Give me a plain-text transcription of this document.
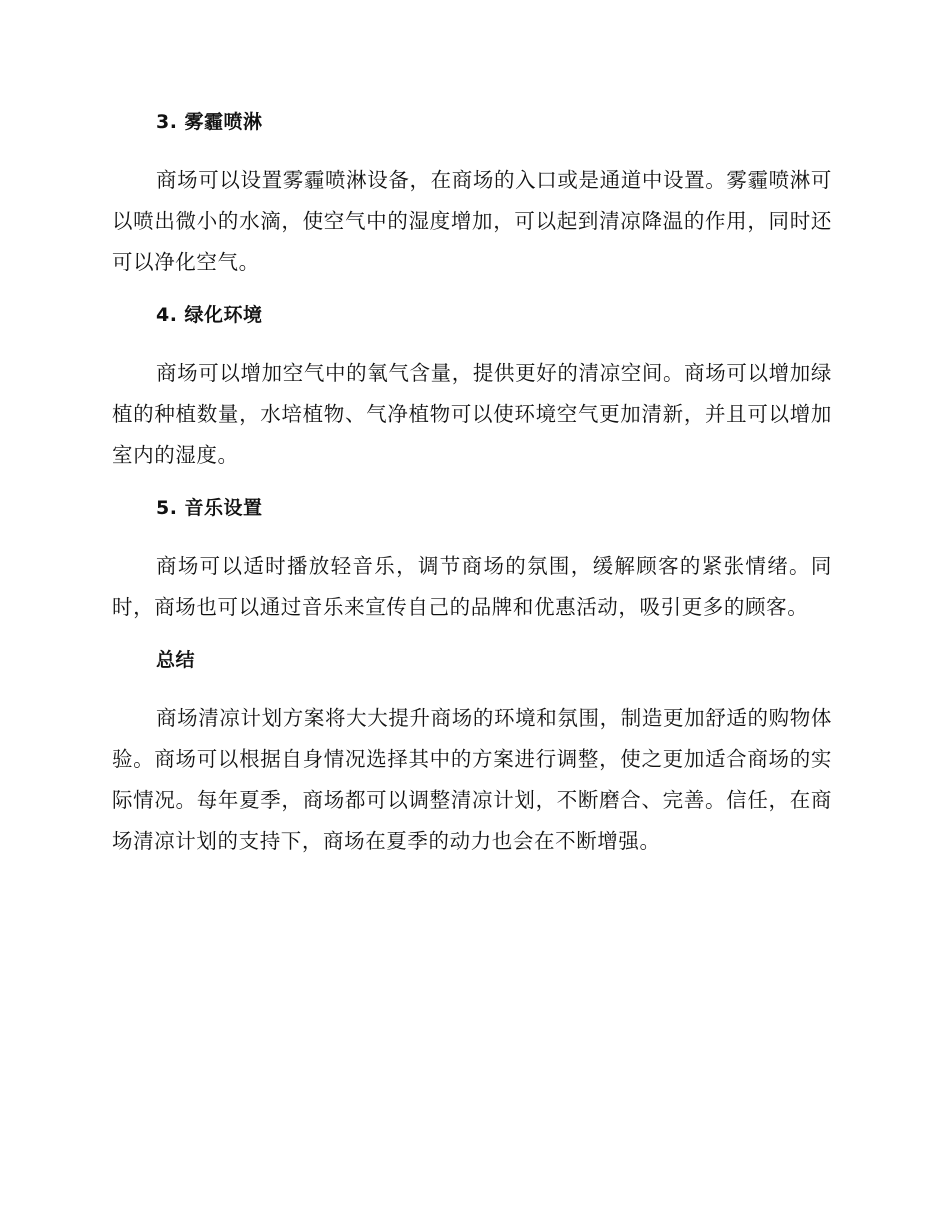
3. 雾霾喷淋

商场可以设置雾霾喷淋设备，在商场的入口或是通道中设置。雾霾喷淋可以喷出微小的水滴，使空气中的湿度增加，可以起到清凉降温的作用，同时还可以净化空气。

4. 绿化环境

商场可以增加空气中的氧气含量，提供更好的清凉空间。商场可以增加绿植的种植数量，水培植物、气净植物可以使环境空气更加清新，并且可以增加室内的湿度。

5. 音乐设置

商场可以适时播放轻音乐，调节商场的氛围，缓解顾客的紧张情绪。同时，商场也可以通过音乐来宣传自己的品牌和优惠活动，吸引更多的顾客。

总结

商场清凉计划方案将大大提升商场的环境和氛围，制造更加舒适的购物体验。商场可以根据自身情况选择其中的方案进行调整，使之更加适合商场的实际情况。每年夏季，商场都可以调整清凉计划，不断磨合、完善。信任，在商场清凉计划的支持下，商场在夏季的动力也会在不断增强。
